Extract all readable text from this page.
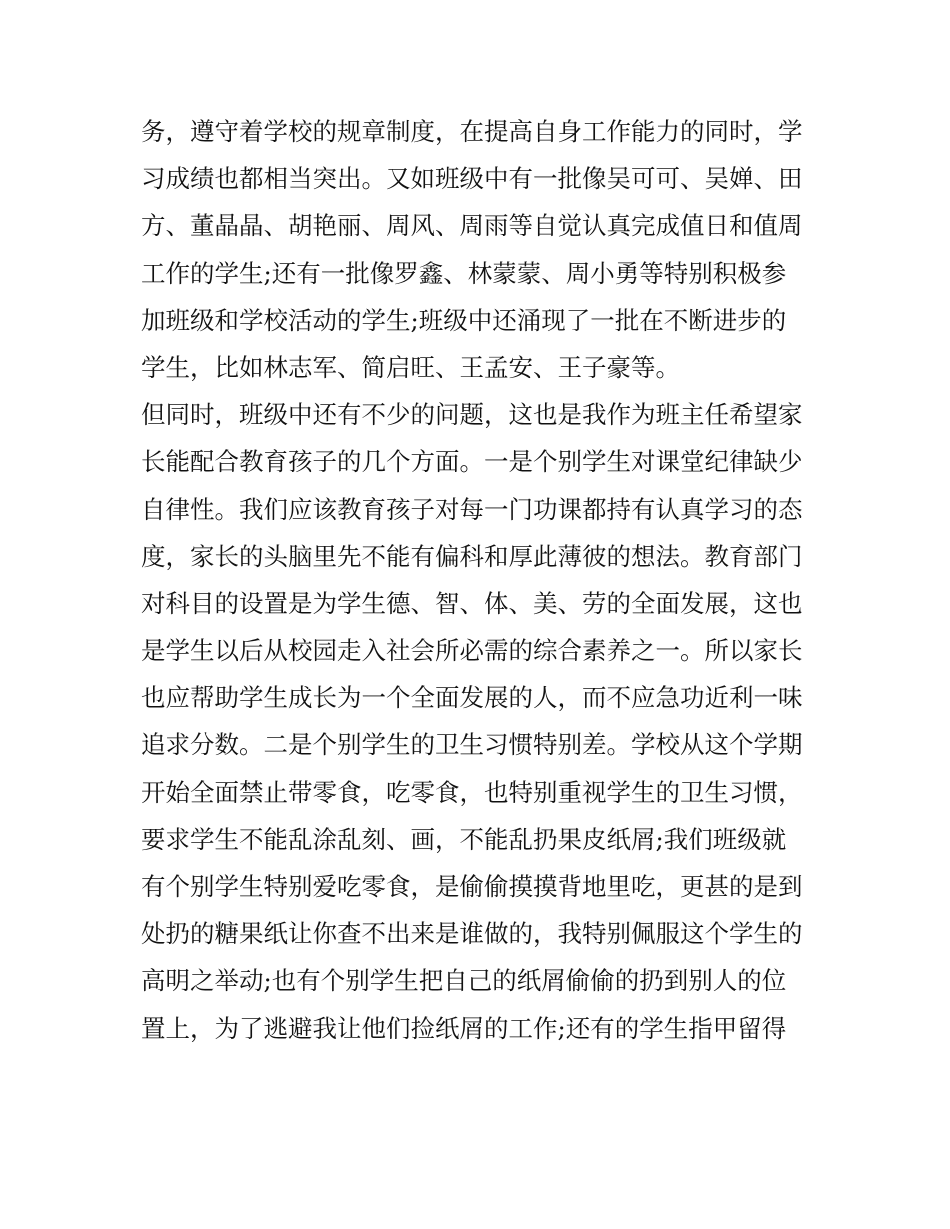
务，遵守着学校的规章制度，在提高自身工作能力的同时，学
习成绩也都相当突出。又如班级中有一批像吴可可、吴婵、田
方、董晶晶、胡艳丽、周风、周雨等自觉认真完成值日和值周
工作的学生;还有一批像罗鑫、林蒙蒙、周小勇等特别积极参
加班级和学校活动的学生;班级中还涌现了一批在不断进步的
学生，比如林志军、简启旺、王孟安、王子豪等。
但同时，班级中还有不少的问题，这也是我作为班主任希望家
长能配合教育孩子的几个方面。一是个别学生对课堂纪律缺少
自律性。我们应该教育孩子对每一门功课都持有认真学习的态
度，家长的头脑里先不能有偏科和厚此薄彼的想法。教育部门
对科目的设置是为学生德、智、体、美、劳的全面发展，这也
是学生以后从校园走入社会所必需的综合素养之一。所以家长
也应帮助学生成长为一个全面发展的人，而不应急功近利一味
追求分数。二是个别学生的卫生习惯特别差。学校从这个学期
开始全面禁止带零食，吃零食，也特别重视学生的卫生习惯，
要求学生不能乱涂乱刻、画，不能乱扔果皮纸屑;我们班级就
有个别学生特别爱吃零食，是偷偷摸摸背地里吃，更甚的是到
处扔的糖果纸让你查不出来是谁做的，我特别佩服这个学生的
高明之举动;也有个别学生把自己的纸屑偷偷的扔到别人的位
置上，为了逃避我让他们捡纸屑的工作;还有的学生指甲留得
